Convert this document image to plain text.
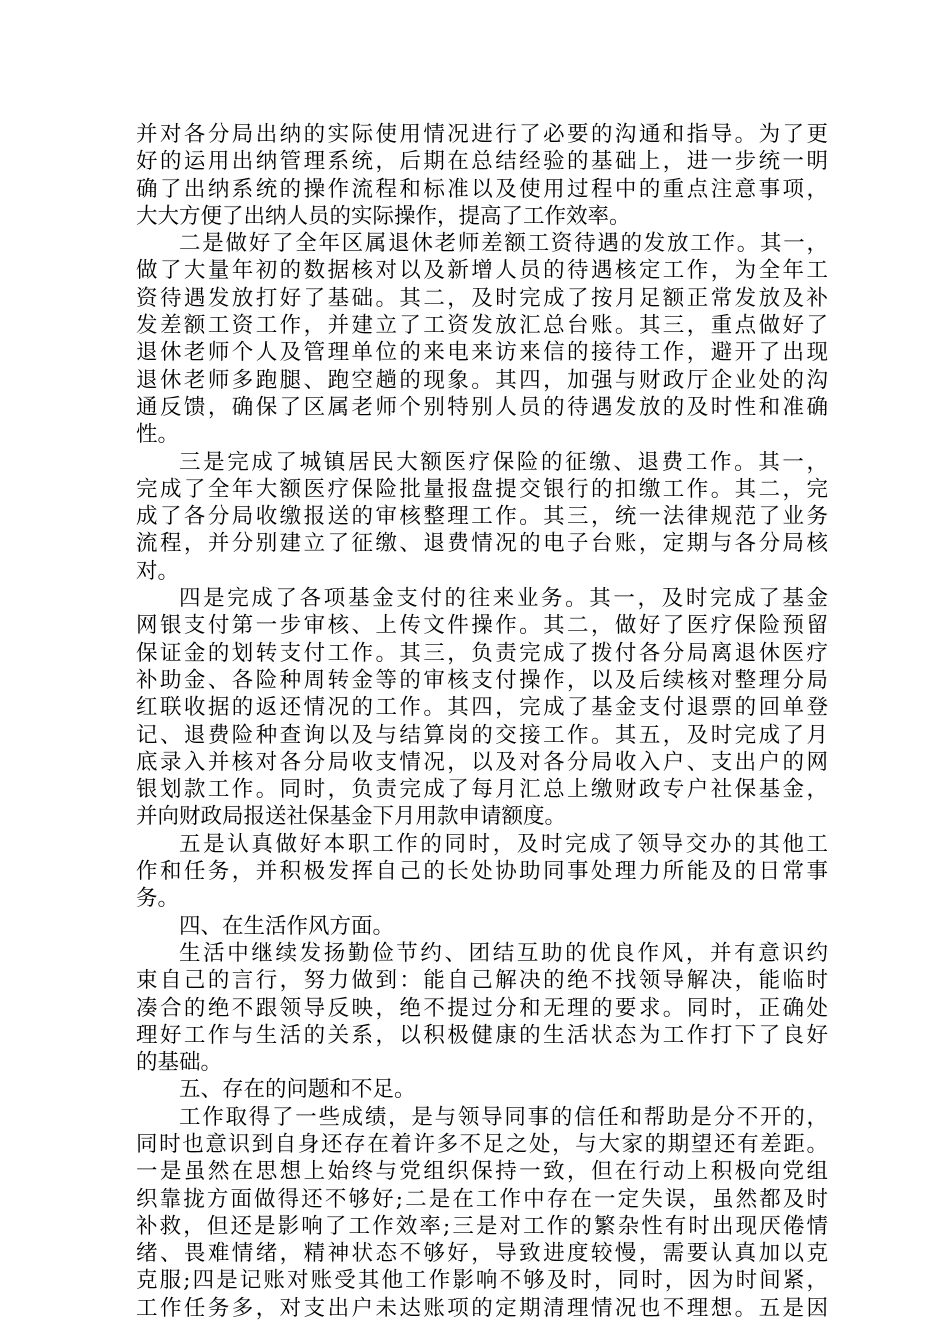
并对各分局出纳的实际使用情况进行了必要的沟通和指导。为了更
好的运用出纳管理系统，后期在总结经验的基础上，进一步统一明
确了出纳系统的操作流程和标准以及使用过程中的重点注意事项，
大大方便了出纳人员的实际操作，提高了工作效率。

二是做好了全年区属退休老师差额工资待遇的发放工作。其一，
做了大量年初的数据核对以及新增人员的待遇核定工作，为全年工
资待遇发放打好了基础。其二，及时完成了按月足额正常发放及补
发差额工资工作，并建立了工资发放汇总台账。其三，重点做好了
退休老师个人及管理单位的来电来访来信的接待工作，避开了出现
退休老师多跑腿、跑空趟的现象。其四，加强与财政厅企业处的沟
通反馈，确保了区属老师个别特别人员的待遇发放的及时性和准确
性。

三是完成了城镇居民大额医疗保险的征缴、退费工作。其一，
完成了全年大额医疗保险批量报盘提交银行的扣缴工作。其二，完
成了各分局收缴报送的审核整理工作。其三，统一法律规范了业务
流程，并分别建立了征缴、退费情况的电子台账，定期与各分局核
对。

四是完成了各项基金支付的往来业务。其一，及时完成了基金
网银支付第一步审核、上传文件操作。其二，做好了医疗保险预留
保证金的划转支付工作。其三，负责完成了拨付各分局离退休医疗
补助金、各险种周转金等的审核支付操作，以及后续核对整理分局
红联收据的返还情况的工作。其四，完成了基金支付退票的回单登
记、退费险种查询以及与结算岗的交接工作。其五，及时完成了月
底录入并核对各分局收支情况，以及对各分局收入户、支出户的网
银划款工作。同时，负责完成了每月汇总上缴财政专户社保基金，
并向财政局报送社保基金下月用款申请额度。

五是认真做好本职工作的同时，及时完成了领导交办的其他工
作和任务，并积极发挥自己的长处协助同事处理力所能及的日常事
务。

四、在生活作风方面。

生活中继续发扬勤俭节约、团结互助的优良作风，并有意识约
束自己的言行，努力做到：能自己解决的绝不找领导解决，能临时
凑合的绝不跟领导反映，绝不提过分和无理的要求。同时，正确处
理好工作与生活的关系，以积极健康的生活状态为工作打下了良好
的基础。

五、存在的问题和不足。

工作取得了一些成绩，是与领导同事的信任和帮助是分不开的，
同时也意识到自身还存在着许多不足之处，与大家的期望还有差距。
一是虽然在思想上始终与党组织保持一致，但在行动上积极向党组
织靠拢方面做得还不够好;二是在工作中存在一定失误，虽然都及时
补救，但还是影响了工作效率;三是对工作的繁杂性有时出现厌倦情
绪、畏难情绪，精神状态不够好，导致进度较慢，需要认真加以克
克服;四是记账对账受其他工作影响不够及时，同时，因为时间紧，
工作任务多，对支出户未达账项的定期清理情况也不理想。五是因
